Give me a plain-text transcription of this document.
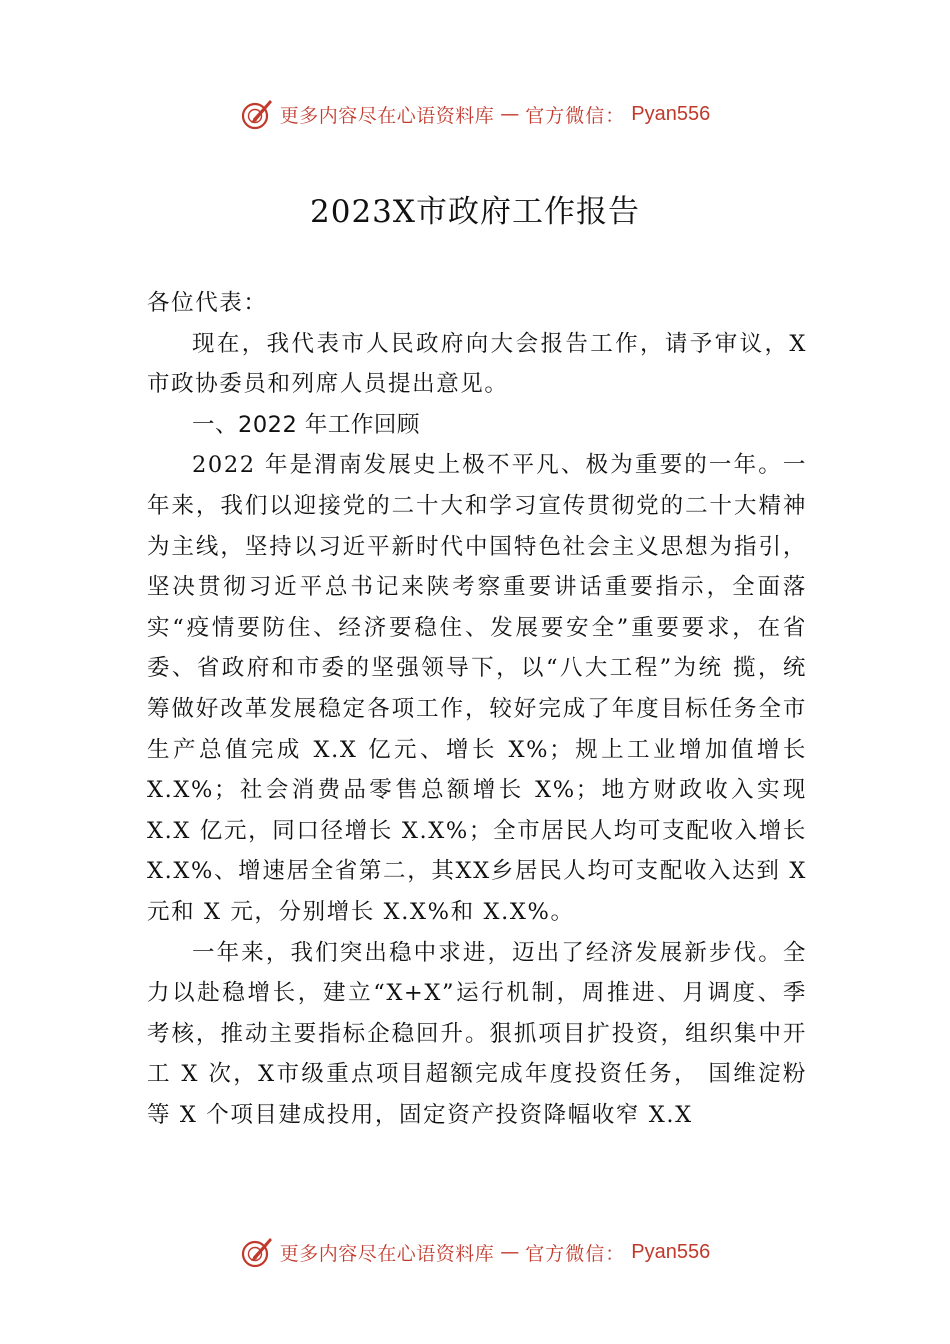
更多内容尽在心语资料库 — 官方微信： Pyan556
2023X市政府工作报告

各位代表：

现在，我代表市人民政府向大会报告工作，请予审议，X市政协委员和列席人员提出意见。

一、2022 年工作回顾

2022 年是渭南发展史上极不平凡、极为重要的一年。一年来，我们以迎接党的二十大和学习宣传贯彻党的二十大精神为主线，坚持以习近平新时代中国特色社会主义思想为指引，坚决贯彻习近平总书记来陕考察重要讲话重要指示，全面落实“疫情要防住、经济要稳住、发展要安全”重要要求，在省委、省政府和市委的坚强领导下，以“八大工程”为统 揽，统筹做好改革发展稳定各项工作，较好完成了年度目标任务全市生产总值完成 X.X 亿元、增长 X%；规上工业增加值增长 X.X%；社会消费品零售总额增长 X%；地方财政收入实现 X.X 亿元，同口径增长 X.X%；全市居民人均可支配收入增长 X.X%、增速居全省第二，其XX乡居民人均可支配收入达到 X 元和 X 元，分别增长 X.X%和 X.X%。

一年来，我们突出稳中求进，迈出了经济发展新步伐。全力以赴稳增长，建立“X+X”运行机制，周推进、月调度、季考核，推动主要指标企稳回升。狠抓项目扩投资，组织集中开工 X 次，X市级重点项目超额完成年度投资任务， 国维淀粉等 X 个项目建成投用，固定资产投资降幅收窄 X.X

更多内容尽在心语资料库 — 官方微信： Pyan556
